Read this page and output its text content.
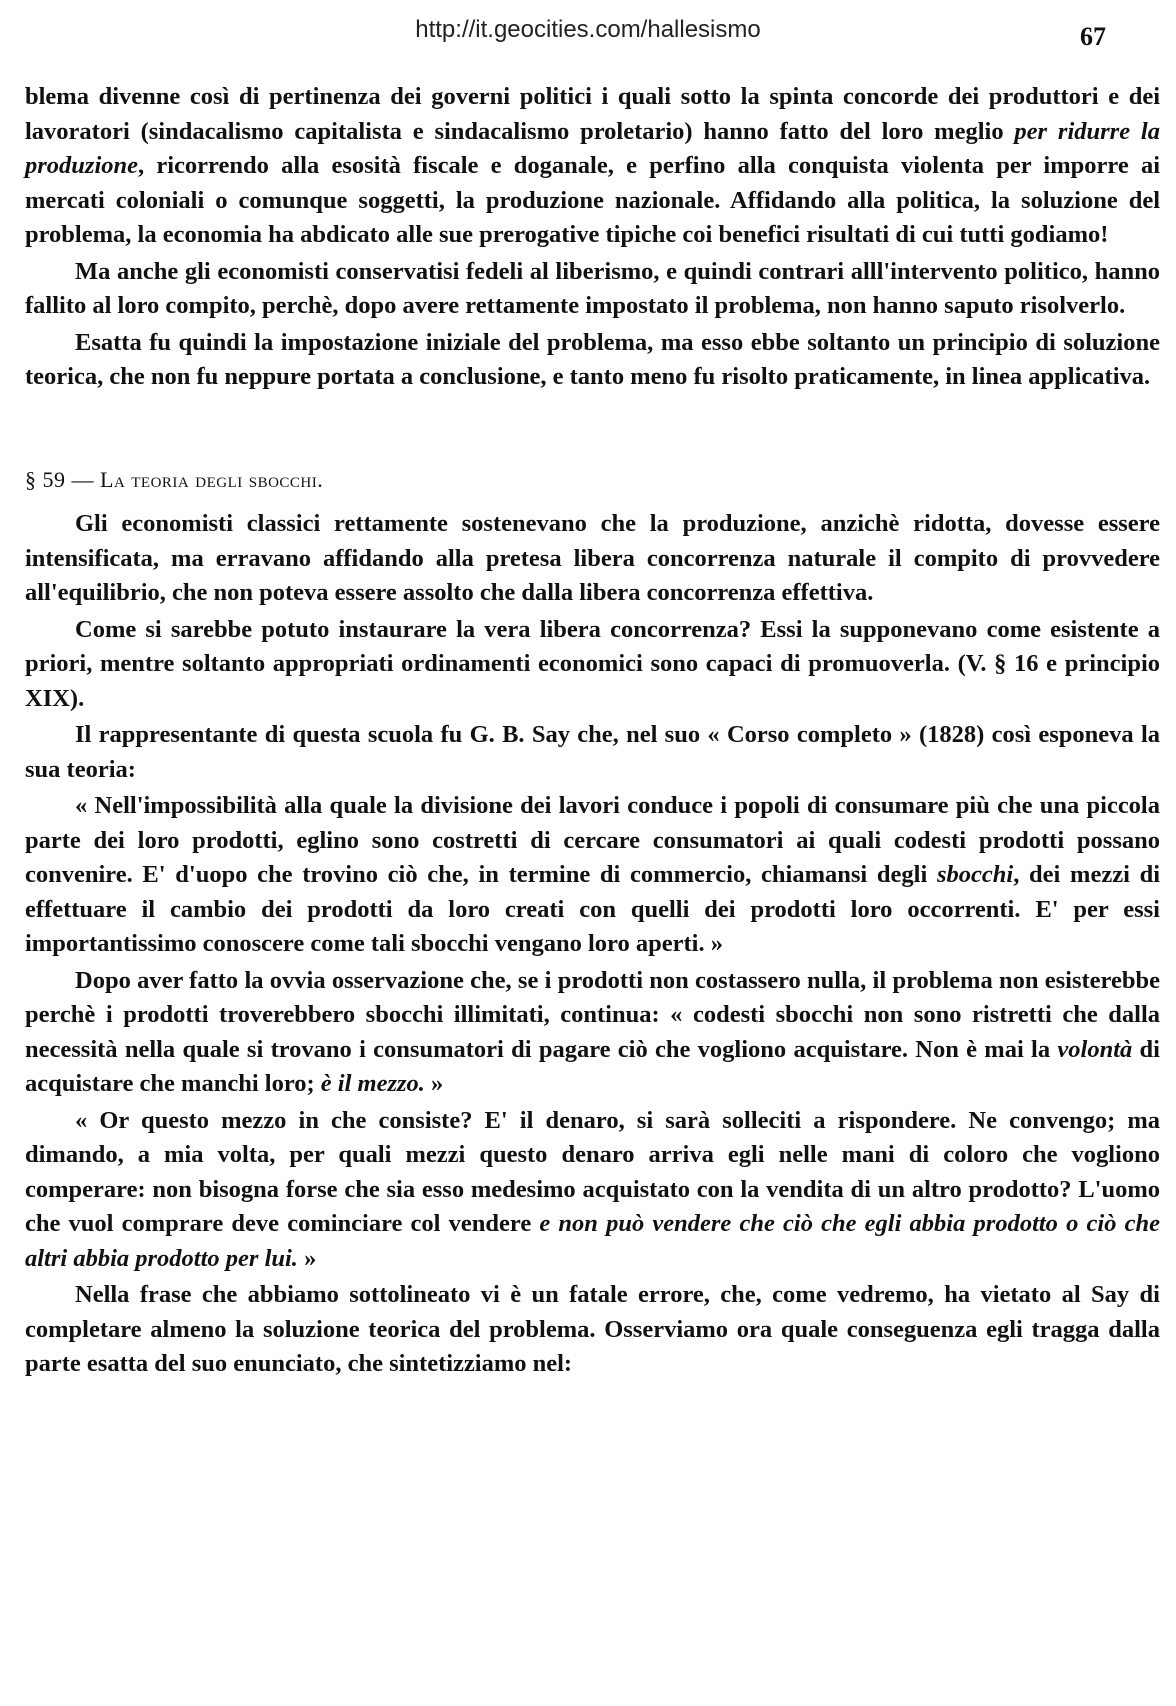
http://it.geocities.com/hallesismo	67

blema divenne così di pertinenza dei governi politici i quali sotto la spinta concorde dei produttori e dei lavoratori (sindacalismo capitalista e sindacalismo proletario) hanno fatto del loro meglio per ridurre la produzione, ricorrendo alla esosità fiscale e doganale, e perfino alla conquista violenta per imporre ai mercati coloniali o comunque soggetti, la produzione nazionale. Affidando alla politica, la soluzione del problema, la economia ha abdicato alle sue prerogative tipiche coi benefici risultati di cui tutti godiamo!

Ma anche gli economisti conservatisi fedeli al liberismo, e quindi contrari alll'intervento politico, hanno fallito al loro compito, perchè, dopo avere rettamente impostato il problema, non hanno saputo risolverlo.

Esatta fu quindi la impostazione iniziale del problema, ma esso ebbe soltanto un principio di soluzione teorica, che non fu neppure portata a conclusione, e tanto meno fu risolto praticamente, in linea applicativa.

§ 59 — La teoria degli sbocchi.

Gli economisti classici rettamente sostenevano che la produzione, anzichè ridotta, dovesse essere intensificata, ma erravano affidando alla pretesa libera concorrenza naturale il compito di provvedere all'equilibrio, che non poteva essere assolto che dalla libera concorrenza effettiva.

Come si sarebbe potuto instaurare la vera libera concorrenza? Essi la supponevano come esistente a priori, mentre soltanto appropriati ordinamenti economici sono capaci di promuoverla. (V. § 16 e principio XIX).

Il rappresentante di questa scuola fu G. B. Say che, nel suo « Corso completo » (1828) così esponeva la sua teoria:

« Nell'impossibilità alla quale la divisione dei lavori conduce i popoli di consumare più che una piccola parte dei loro prodotti, eglino sono costretti di cercare consumatori ai quali codesti prodotti possano convenire. E' d'uopo che trovino ciò che, in termine di commercio, chiamansi degli sbocchi, dei mezzi di effettuare il cambio dei prodotti da loro creati con quelli dei prodotti loro occorrenti. E' per essi importantissimo conoscere come tali sbocchi vengano loro aperti. »

Dopo aver fatto la ovvia osservazione che, se i prodotti non costassero nulla, il problema non esisterebbe perchè i prodotti troverebbero sbocchi illimitati, continua: « codesti sbocchi non sono ristretti che dalla necessità nella quale si trovano i consumatori di pagare ciò che vogliono acquistare. Non è mai la volontà di acquistare che manchi loro; è il mezzo. »

« Or questo mezzo in che consiste? E' il denaro, si sarà solleciti a rispondere. Ne convengo; ma dimando, a mia volta, per quali mezzi questo denaro arriva egli nelle mani di coloro che vogliono comperare: non bisogna forse che sia esso medesimo acquistato con la vendita di un altro prodotto? L'uomo che vuol comprare deve cominciare col vendere e non può vendere che ciò che egli abbia prodotto o ciò che altri abbia prodotto per lui. »

Nella frase che abbiamo sottolineato vi è un fatale errore, che, come vedremo, ha vietato al Say di completare almeno la soluzione teorica del problema. Osserviamo ora quale conseguenza egli tragga dalla parte esatta del suo enunciato, che sintetizziamo nel:
